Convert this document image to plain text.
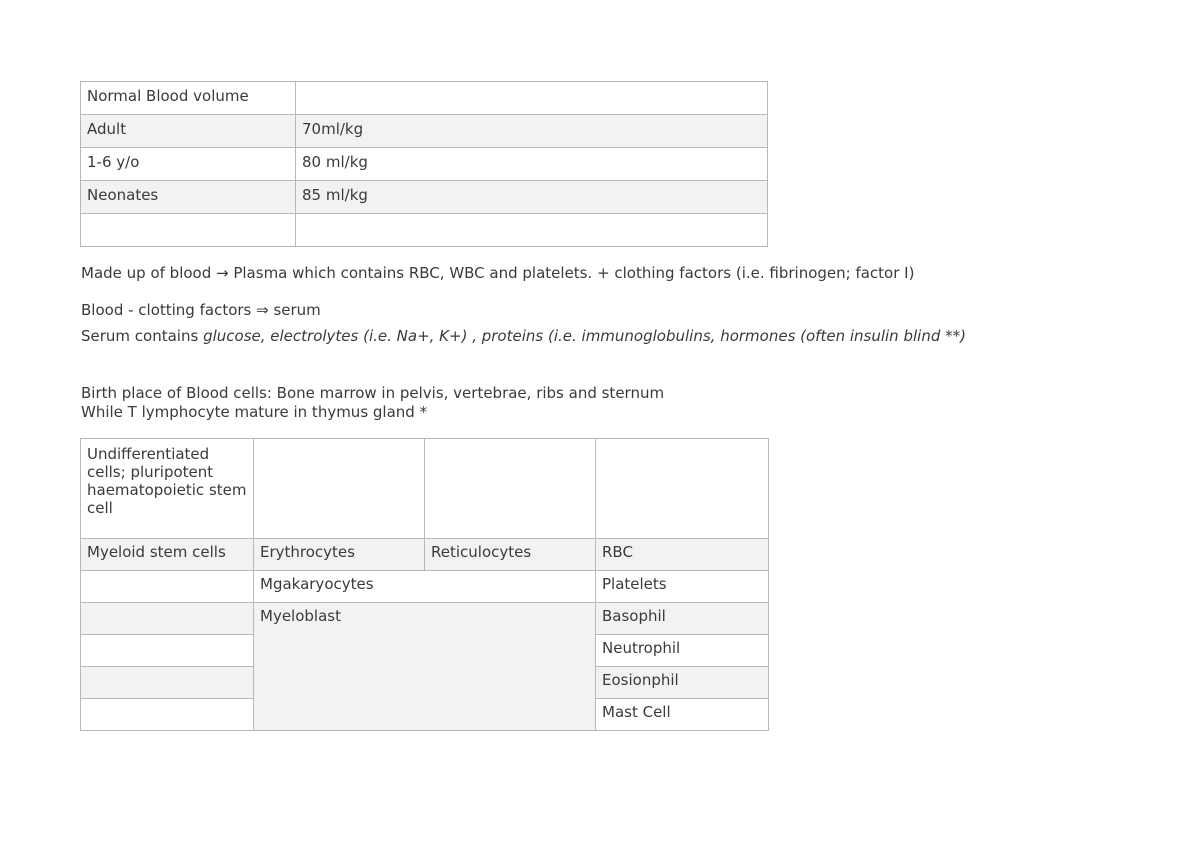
Normal Blood volume	
Adult	70ml/kg
1-6 y/o	80 ml/kg
Neonates	85 ml/kg

Made up of blood → Plasma which contains RBC, WBC and platelets. + clothing factors (i.e. fibrinogen; factor I)
Blood - clotting factors ⇒ serum
Serum contains glucose, electrolytes (i.e. Na+, K+) , proteins (i.e. immunoglobulins, hormones (often insulin blind **)
Birth place of Blood cells: Bone marrow in pelvis, vertebrae, ribs and sternum
While T lymphocyte mature in thymus gland *
Undifferentiated cells; pluripotent haematopoietic stem cell			
Myeloid stem cells	Erythrocytes	Reticulocytes	RBC
	Mgakaryocytes		Platelets
	Myeloblast		Basophil
			Neutrophil
			Eosionphil
			Mast Cell
